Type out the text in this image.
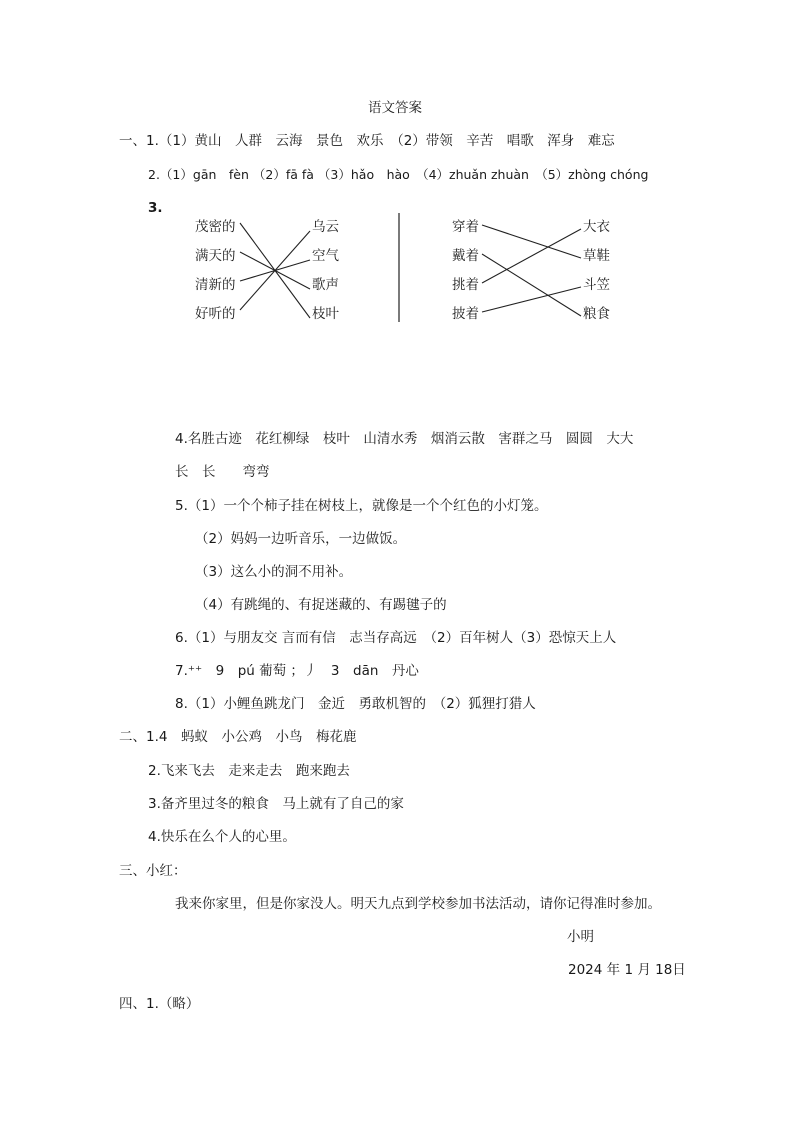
语文答案
一、1.（1）黄山　人群　云海　景色　欢乐　（2）带领　辛苦　唱歌　浑身　难忘
2.（1）gān　fèn （2）fā fà （3）hǎo　hào　（4）zhuǎn zhuàn　（5）zhòng chóng
3.
茂密的
满天的
清新的
好听的
乌云
空气
歌声
枝叶
穿着
戴着
挑着
披着
大衣
草鞋
斗笠
粮食
4.名胜古迹　花红柳绿　枝叶　山清水秀　烟消云散　害群之马　圆圆　大大
长　长　　弯弯
5.（1）一个个柿子挂在树枝上，就像是一个个红色的小灯笼。
（2）妈妈一边听音乐，一边做饭。
（3）这么小的洞不用补。
（4）有跳绳的、有捉迷藏的、有踢毽子的
6.（1）与朋友交 言而有信　志当存高远　（2）百年树人（3）恐惊天上人
7.⁺⁺　9　pú 葡萄 ；丿　3　dān　丹心
8.（1）小鲤鱼跳龙门　金近　勇敢机智的　（2）狐狸打猎人
二、1.4　蚂蚁　小公鸡　小鸟　梅花鹿
2.飞来飞去　走来走去　跑来跑去
3.备齐里过冬的粮食　马上就有了自己的家
4.快乐在么个人的心里。
三、小红：
我来你家里，但是你家没人。明天九点到学校参加书法活动，请你记得准时参加。
小明
2024 年 1 月 18日
四、1.（略）
